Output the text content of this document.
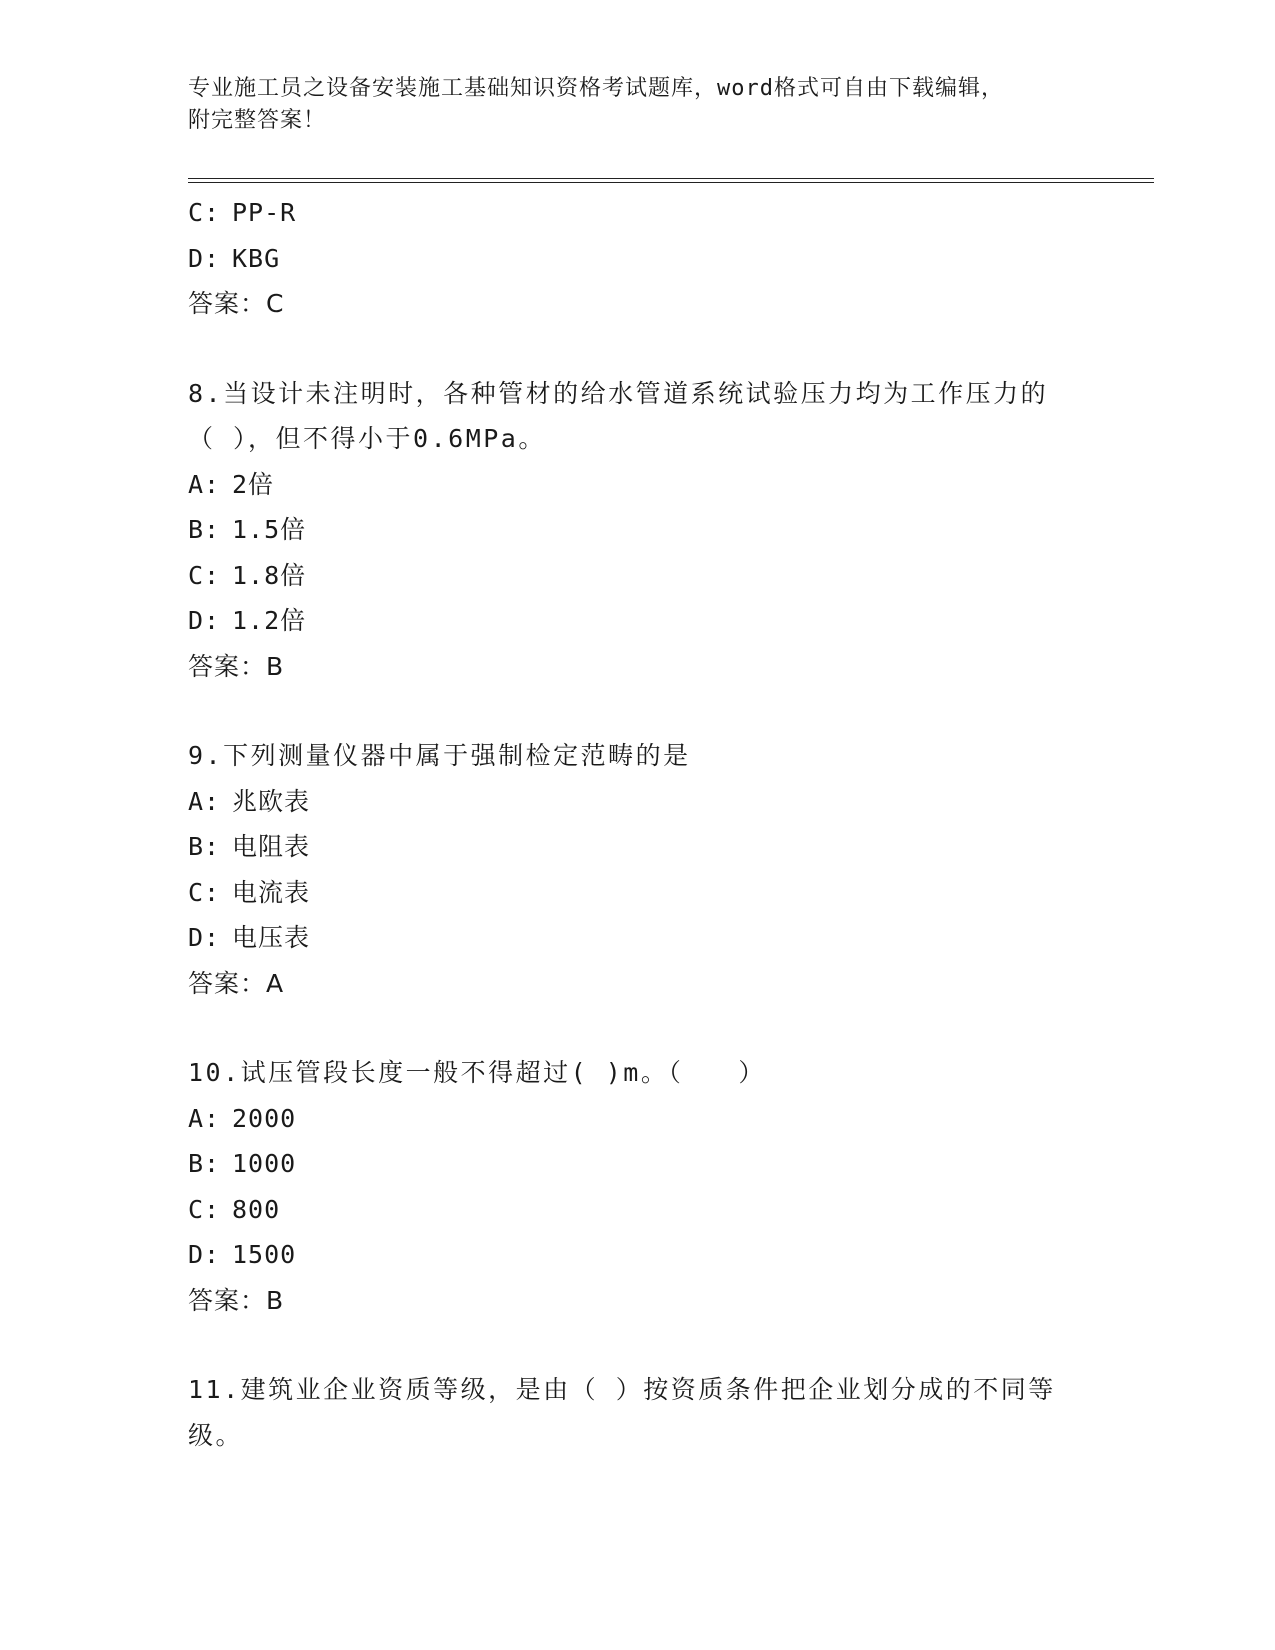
专业施工员之设备安装施工基础知识资格考试题库，word格式可自由下载编辑，
附完整答案！
C: PP-R
D: KBG
答案：C
8.当设计未注明时，各种管材的给水管道系统试验压力均为工作压力的（ ），但不得小于0.6MPa。
A: 2倍
B: 1.5倍
C: 1.8倍
D: 1.2倍
答案：B
9.下列测量仪器中属于强制检定范畴的是
A: 兆欧表
B: 电阻表
C: 电流表
D: 电压表
答案：A
10.试压管段长度一般不得超过( )m。（　　）
A: 2000
B: 1000
C: 800
D: 1500
答案：B
11.建筑业企业资质等级，是由（ ）按资质条件把企业划分成的不同等级。
